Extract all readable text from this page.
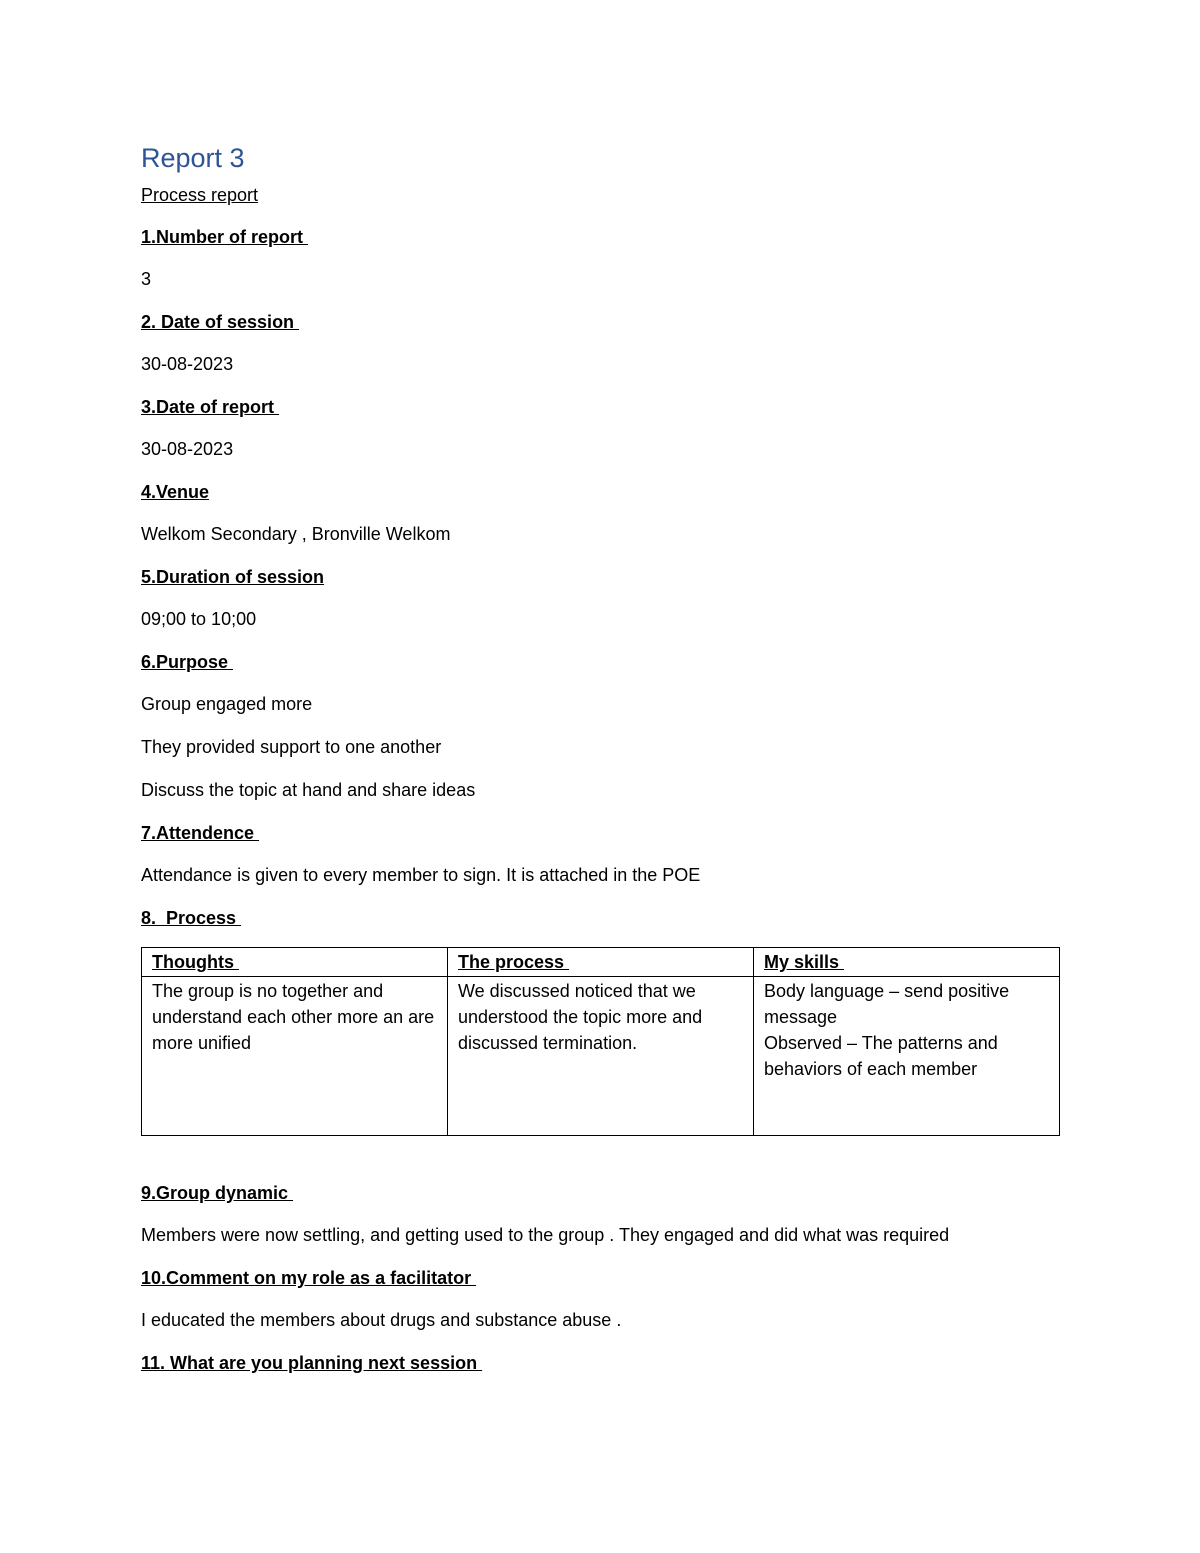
Report 3
Process report
1.Number of report
3
2. Date of session
30-08-2023
3.Date of report
30-08-2023
4.Venue
Welkom Secondary , Bronville Welkom
5.Duration of session
09;00 to 10;00
6.Purpose
Group engaged more
They provided support to one another
Discuss the topic at hand and share ideas
7.Attendence
Attendance is given to every member to sign. It is attached in the POE
8.  Process
Thoughts	The process	My skills
The group is no together and understand each other more an are more unified	We discussed noticed that we understood the topic more and discussed termination.	Body language – send positive message
Observed – The patterns and behaviors of each member
9.Group dynamic
Members were now settling, and getting used to the group . They engaged and did what was required
10.Comment on my role as a facilitator
I educated the members about drugs and substance abuse .
11. What are you planning next session
